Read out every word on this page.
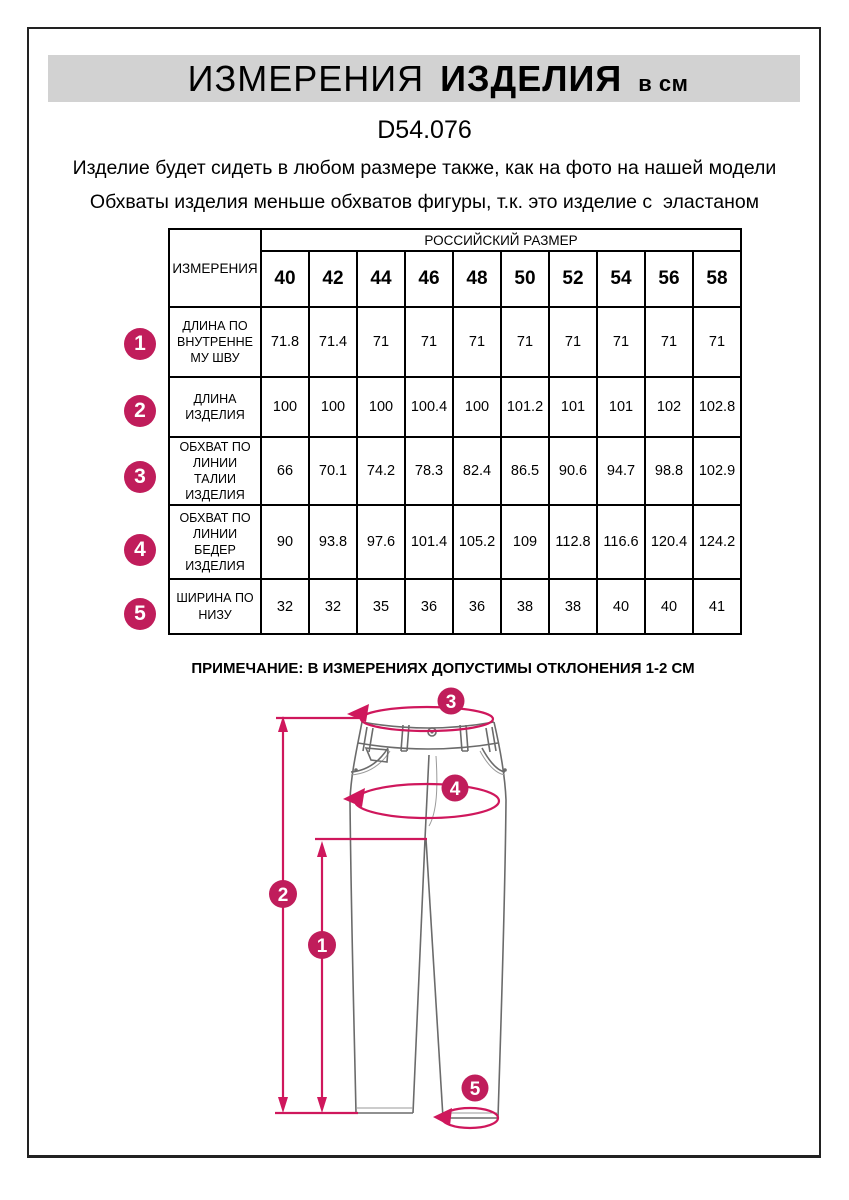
ИЗМЕРЕНИЯ ИЗДЕЛИЯ в см
D54.076
Изделие будет сидеть в любом размере также, как на фото на нашей модели
Обхваты изделия меньше обхватов фигуры, т.к. это изделие с  эластаном
ИЗМЕРЕНИЯ	РОССИЙСКИЙ РАЗМЕР									
	40	42	44	46	48	50	52	54	56	58
ДЛИНА ПО ВНУТРЕННЕ МУ ШВУ	71.8	71.4	71	71	71	71	71	71	71	71
ДЛИНА ИЗДЕЛИЯ	100	100	100	100.4	100	101.2	101	101	102	102.8
ОБХВАТ ПО ЛИНИИ ТАЛИИ ИЗДЕЛИЯ	66	70.1	74.2	78.3	82.4	86.5	90.6	94.7	98.8	102.9
ОБХВАТ ПО ЛИНИИ БЕДЕР ИЗДЕЛИЯ	90	93.8	97.6	101.4	105.2	109	112.8	116.6	120.4	124.2
ШИРИНА ПО НИЗУ	32	32	35	36	36	38	38	40	40	41
1
2
3
4
5
ПРИМЕЧАНИЕ: В ИЗМЕРЕНИЯХ ДОПУСТИМЫ ОТКЛОНЕНИЯ 1-2 СМ
3
4
2
1
5
